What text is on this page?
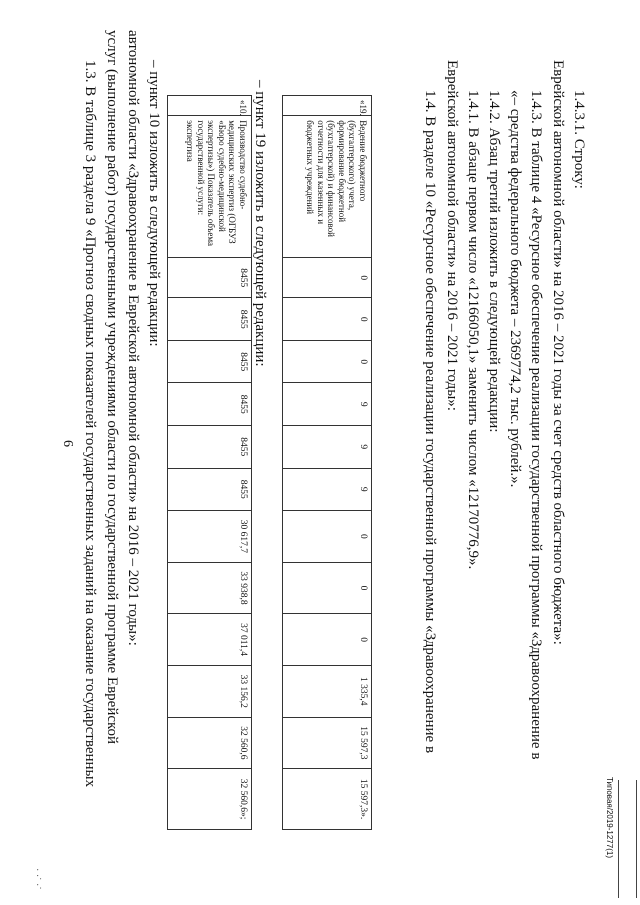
Типовая/2019-1277(1)
6
· ·˙ ·˙
1.3. В таблице 3 раздела 9 «Прогноз сводных показателей государственных заданий на оказание государственных услуг (выполнение работ) государственными учреждениями области по государственной программе Еврейской автономной области «Здравоохранение в Еврейской автономной области» на 2016 – 2021 годы»: – пункт 10 изложить в следующей редакции:	«10.	Производство судебно-медицинских экспертиз (ОГБУЗ «Бюро судебно-медицинской экспертизы») Показатель объема государственной услуги: экспертиза	8455	8455	8455	8455	8455	8455	30 617,7	33 938,8	37 011,4	33 156,2	32 560,6	32 560,6»;
– пункт 19 изложить в следующей редакции:	«19.	Ведение бюджетного (бухгалтерского) учета, формирование бюджетной (бухгалтерской) и финансовой отчетности для казенных и бюджетных учреждений	0	0	0	9	9	9	0	0	0	1 335,4	15 597,3	15 597,3».
1.4. В разделе 10 «Ресурсное обеспечение реализации государственной программы «Здравоохранение в Еврейской автономной области» на 2016 – 2021 годы»: 1.4.1. В абзаце первом число «12166050,1» заменить числом «12170776,9». 1.4.2. Абзац третий изложить в следующей редакции: «– средства федерального бюджета – 2369774,2 тыс. рублей.». 1.4.3. В таблице 4 «Ресурсное обеспечение реализации государственной программы «Здравоохранение в Еврейской автономной области» на 2016 – 2021 годы за счет средств областного бюджета»: 1.4.3.1. Строку:
